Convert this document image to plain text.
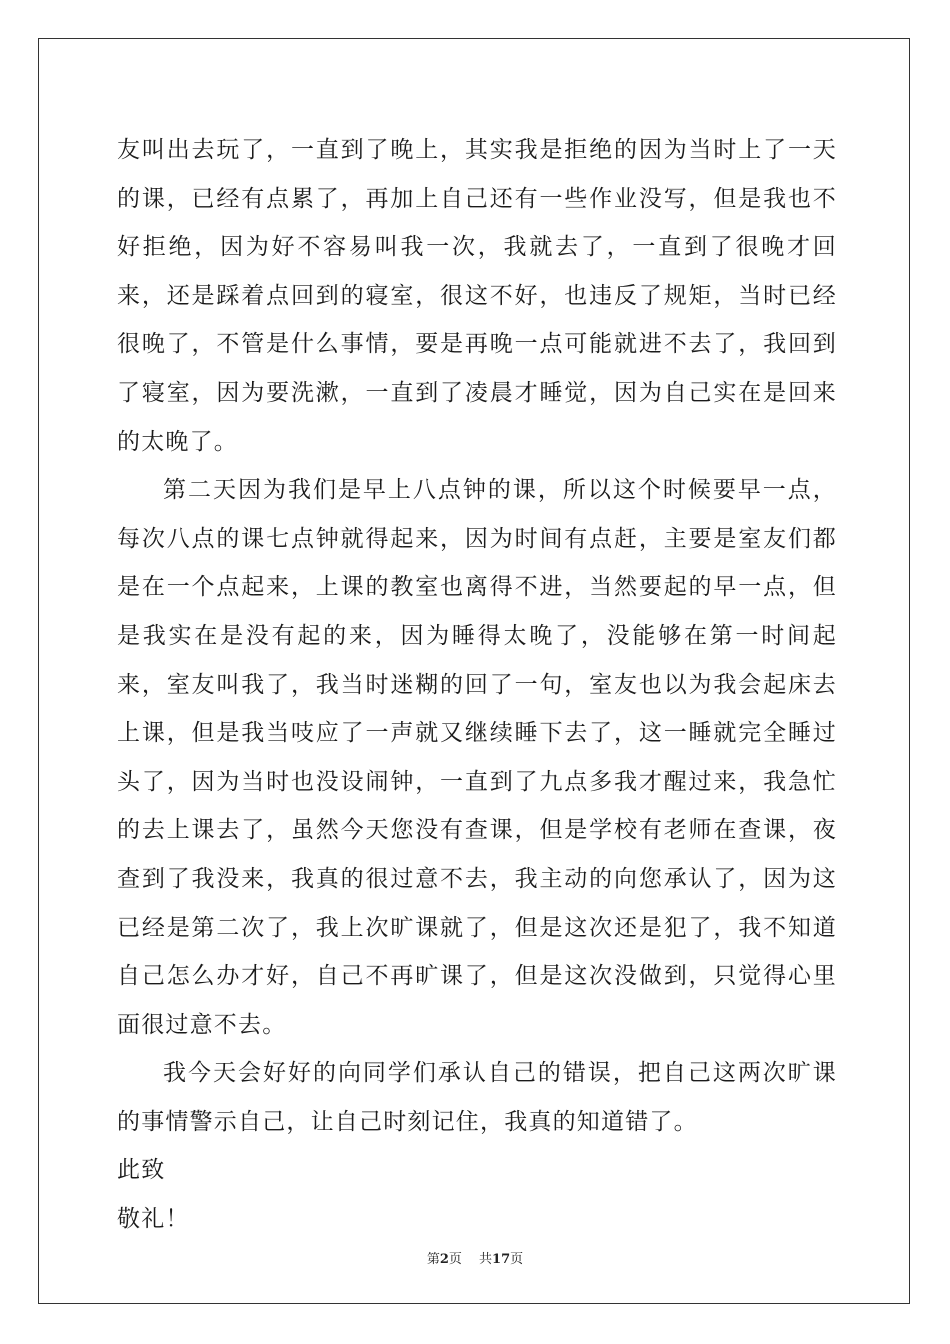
友叫出去玩了，一直到了晚上，其实我是拒绝的因为当时上了一天的课，已经有点累了，再加上自己还有一些作业没写，但是我也不好拒绝，因为好不容易叫我一次，我就去了，一直到了很晚才回来，还是踩着点回到的寝室，很这不好，也违反了规矩，当时已经很晚了，不管是什么事情，要是再晚一点可能就进不去了，我回到了寝室，因为要洗漱，一直到了凌晨才睡觉，因为自己实在是回来的太晚了。

第二天因为我们是早上八点钟的课，所以这个时候要早一点，每次八点的课七点钟就得起来，因为时间有点赶，主要是室友们都是在一个点起来，上课的教室也离得不进，当然要起的早一点，但是我实在是没有起的来，因为睡得太晚了，没能够在第一时间起来，室友叫我了，我当时迷糊的回了一句，室友也以为我会起床去上课，但是我当吱应了一声就又继续睡下去了，这一睡就完全睡过头了，因为当时也没设闹钟，一直到了九点多我才醒过来，我急忙的去上课去了，虽然今天您没有查课，但是学校有老师在查课，夜查到了我没来，我真的很过意不去，我主动的向您承认了，因为这已经是第二次了，我上次旷课就了，但是这次还是犯了，我不知道自己怎么办才好，自己不再旷课了，但是这次没做到，只觉得心里面很过意不去。

我今天会好好的向同学们承认自己的错误，把自己这两次旷课的事情警示自己，让自己时刻记住，我真的知道错了。

此致

敬礼！

第2页　 共17页
